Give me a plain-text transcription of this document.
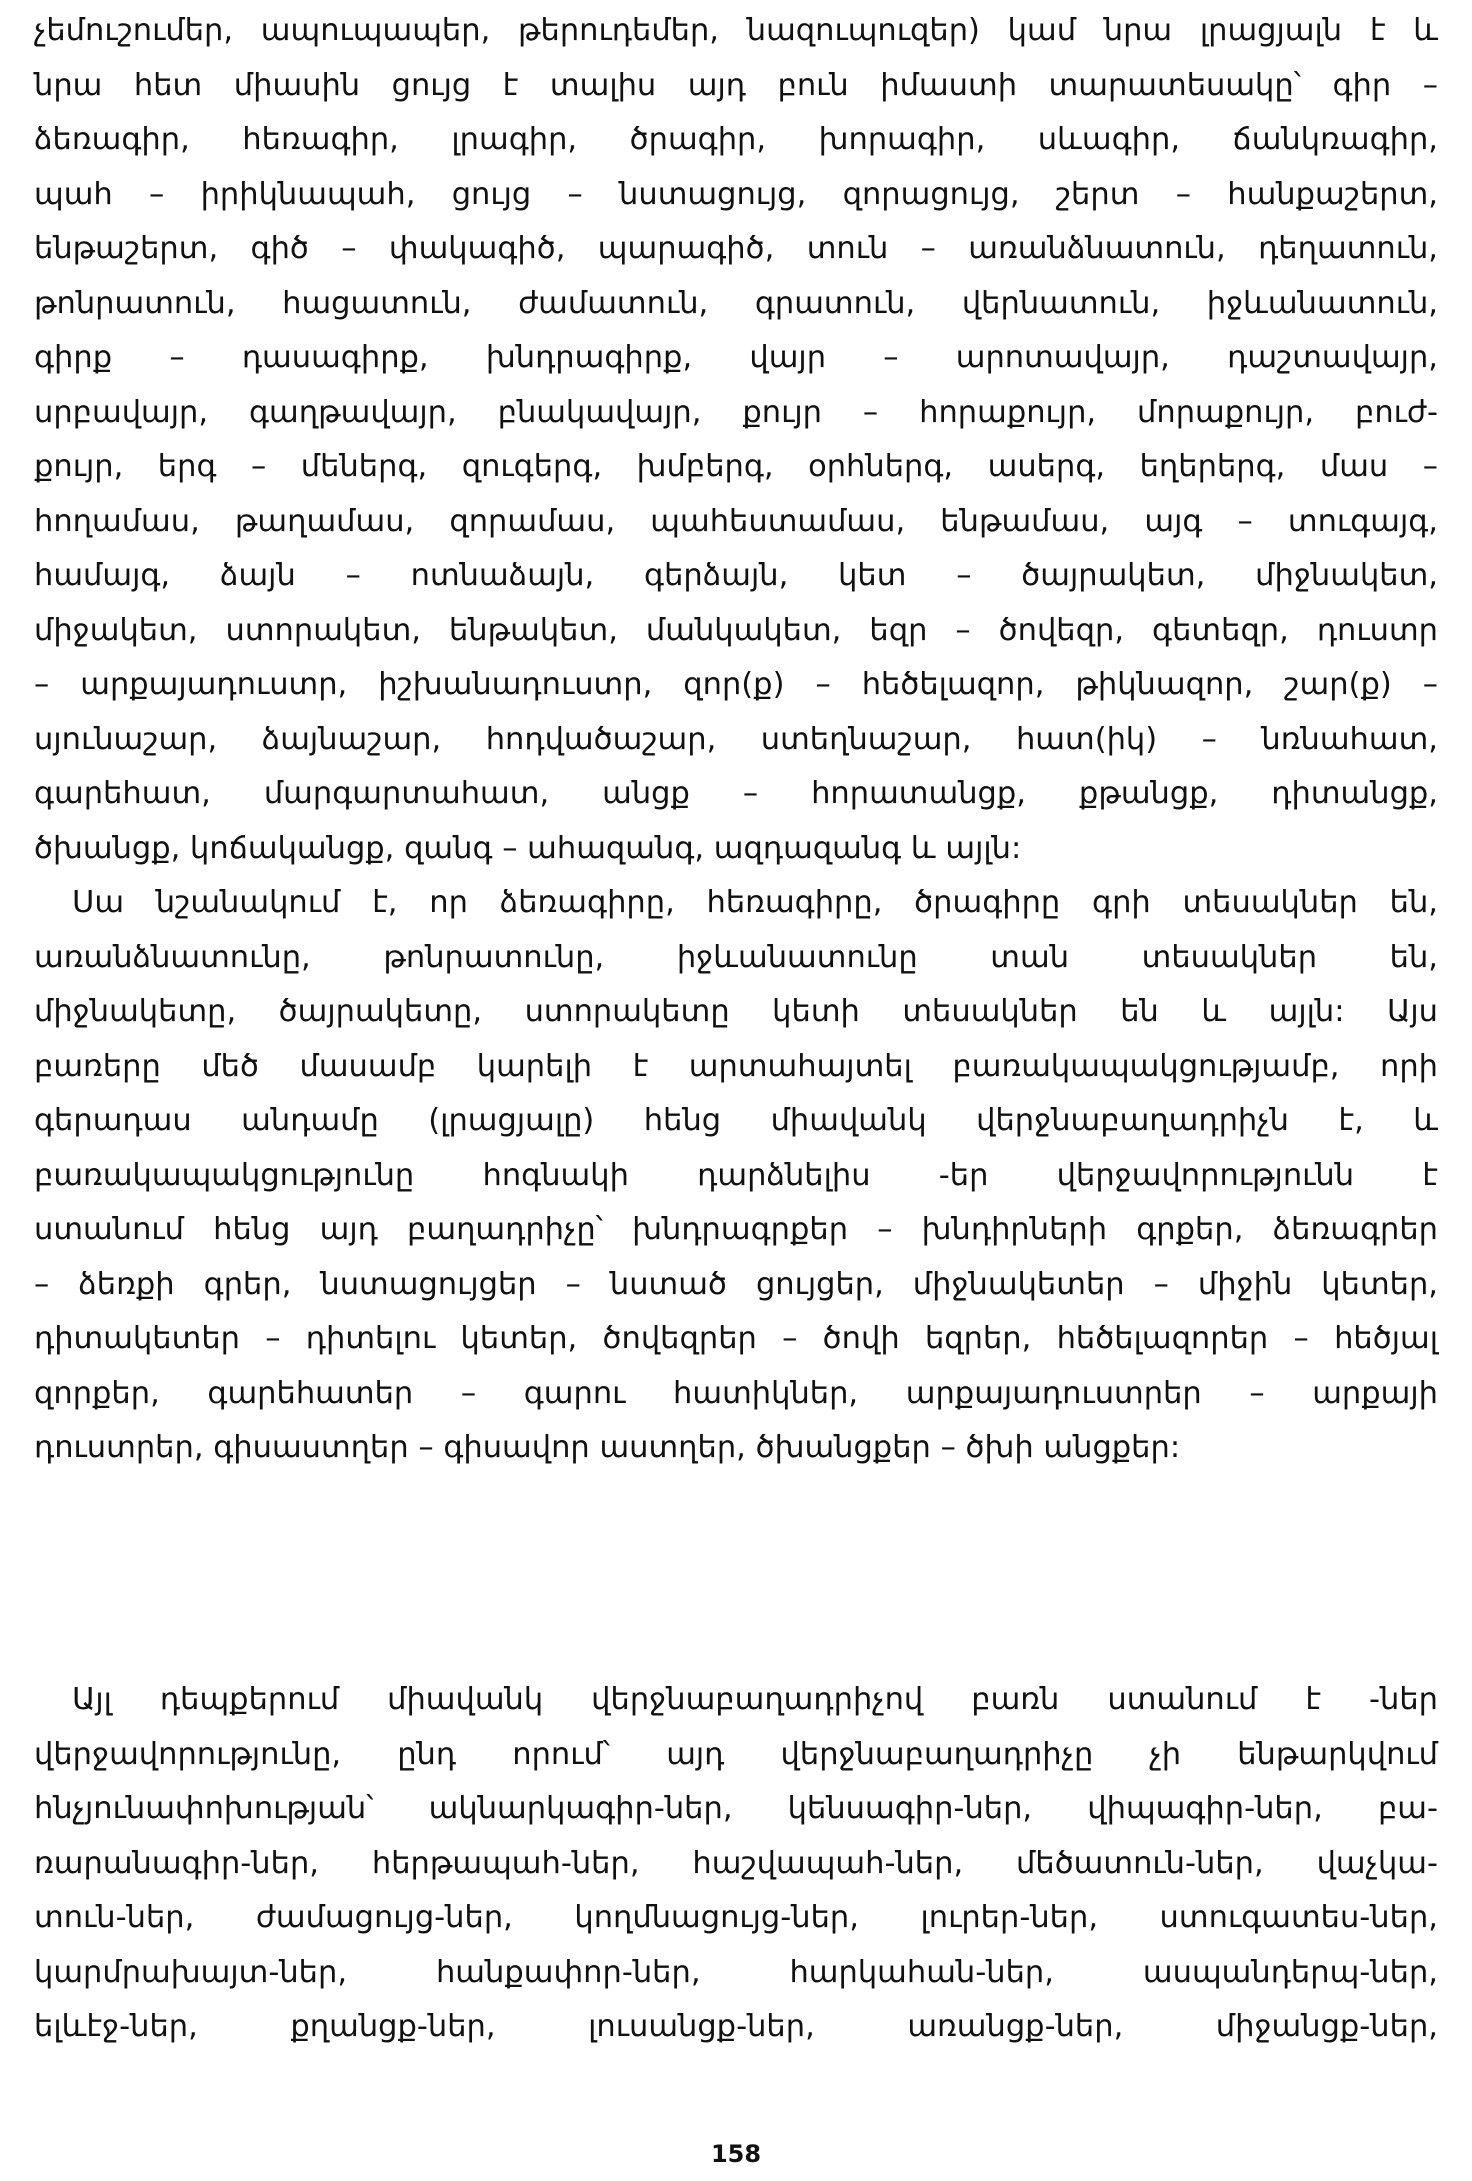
չեմուշումեր, ապուպապեր, թերուդեմեր, նազուպուզեր) կամ նրա լրացյալն է և
նրա հետ միասին ցույց է տալիս այդ բուն իմաստի տարատեսակը՝ գիր –
ձեռագիր, հեռագիր, լրագիր, ծրագիր, խորագիր, սևագիր, ճանկռագիր,
պահ – իրիկնապահ, ցույց – նստացույց, զորացույց, շերտ – հանքաշերտ,
ենթաշերտ, գիծ – փակագիծ, պարագիծ, տուն – առանձնատուն, դեղատուն,
թոնրատուն, հացատուն, ժամատուն, գրատուն, վերնատուն, իջևանատուն,
գիրք – դասագիրք, խնդրագիրք, վայր – արոտավայր, դաշտավայր,
սրբավայր, գաղթավայր, բնակավայր, քույր – հորաքույր, մորաքույր, բուժ-
քույր, երգ – մեներգ, զուգերգ, խմբերգ, օրհներգ, ասերգ, եղերերգ, մաս –
հողամաս, թաղամաս, զորամաս, պահեստամաս, ենթամաս, այգ – տուգայգ,
համայգ, ձայն – ոտնաձայն, գերձայն, կետ – ծայրակետ, միջնակետ,
միջակետ, ստորակետ, ենթակետ, մանկակետ, եզր – ծովեզր, գետեզր, դուստր
– արքայադուստր, իշխանադուստր, զոր(ք) – հեծելազոր, թիկնազոր, շար(ք) –
սյունաշար, ձայնաշար, հոդվածաշար, ստեղնաշար, հատ(իկ) – նռնահատ,
գարեհատ, մարգարտահատ, անցք – հորատանցք, քթանցք, դիտանցք,
ծխանցք, կոճականցք, զանգ – ահազանգ, ազդազանգ և այլն:
Սա նշանակում է, որ ձեռագիրը, հեռագիրը, ծրագիրը գրի տեսակներ են,
առանձնատունը, թոնրատունը, իջևանատունը տան տեսակներ են,
միջնակետը, ծայրակետը, ստորակետը կետի տեսակներ են և այլն: Այս
բառերը մեծ մասամբ կարելի է արտահայտել բառակապակցությամբ, որի
գերադաս անդամը (լրացյալը) հենց միավանկ վերջնաբաղադրիչն է, և
բառակապակցությունը հոգնակի դարձնելիս -եր վերջավորությունն է
ստանում հենց այդ բաղադրիչը՝ խնդրագրքեր – խնդիրների գրքեր, ձեռագրեր
– ձեռքի գրեր, նստացույցեր – նստած ցույցեր, միջնակետեր – միջին կետեր,
դիտակետեր – դիտելու կետեր, ծովեզրեր – ծովի եզրեր, հեծելազորեր – հեծյալ
զորքեր, գարեհատեր – գարու հատիկներ, արքայադուստրեր – արքայի
դուստրեր, գիսաստղեր – գիսավոր աստղեր, ծխանցքեր – ծխի անցքեր:
Այլ դեպքերում միավանկ վերջնաբաղադրիչով բառն ստանում է -ներ
վերջավորությունը, ընդ որում՝ այդ վերջնաբաղադրիչը չի ենթարկվում
հնչյունափոխության՝ ակնարկագիր-ներ, կենսագիր-ներ, վիպագիր-ներ, բա-
ռարանագիր-ներ, հերթապահ-ներ, հաշվապահ-ներ, մեծատուն-ներ, վաչկա-
տուն-ներ, ժամացույց-ներ, կողմնացույց-ներ, լուրեր-ներ, ստուգատես-ներ,
կարմրախայտ-ներ, հանքափոր-ներ, հարկահան-ներ, ասպանդերպ-ներ,
ելևէջ-ներ, քղանցք-ներ, լուսանցք-ներ, առանցք-ներ, միջանցք-ներ,
158
